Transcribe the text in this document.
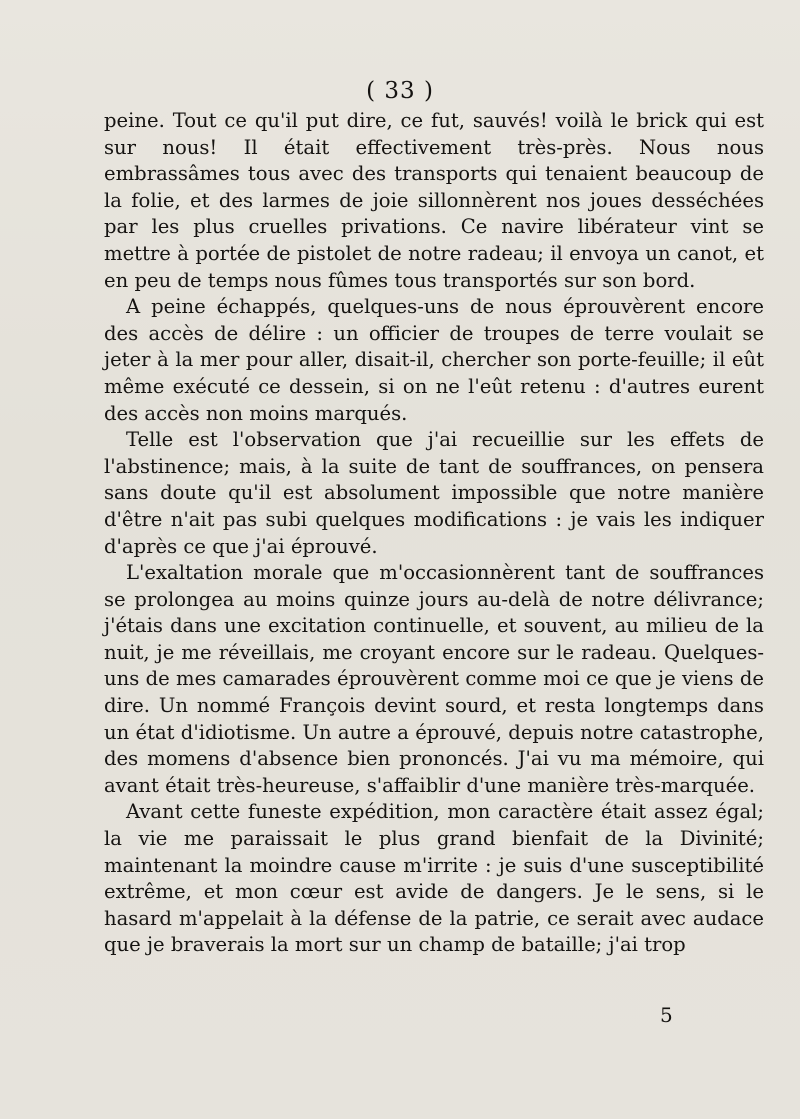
( 33 )

peine. Tout ce qu'il put dire, ce fut, sauvés! voilà le brick qui est sur nous! Il était effectivement très-près. Nous nous embrassâmes tous avec des transports qui tenaient beaucoup de la folie, et des larmes de joie sillonnèrent nos joues desséchées par les plus cruelles privations. Ce navire libérateur vint se mettre à portée de pistolet de notre radeau; il envoya un canot, et en peu de temps nous fûmes tous transportés sur son bord.

A peine échappés, quelques-uns de nous éprouvèrent encore des accès de délire : un officier de troupes de terre voulait se jeter à la mer pour aller, disait-il, chercher son porte-feuille; il eût même exécuté ce dessein, si on ne l'eût retenu : d'autres eurent des accès non moins marqués.

Telle est l'observation que j'ai recueillie sur les effets de l'abstinence; mais, à la suite de tant de souffrances, on pensera sans doute qu'il est absolument impossible que notre manière d'être n'ait pas subi quelques modifications : je vais les indiquer d'après ce que j'ai éprouvé.

L'exaltation morale que m'occasionnèrent tant de souffrances se prolongea au moins quinze jours au-delà de notre délivrance; j'étais dans une excitation continuelle, et souvent, au milieu de la nuit, je me réveillais, me croyant encore sur le radeau. Quelques-uns de mes camarades éprouvèrent comme moi ce que je viens de dire. Un nommé François devint sourd, et resta longtemps dans un état d'idiotisme. Un autre a éprouvé, depuis notre catastrophe, des momens d'absence bien prononcés. J'ai vu ma mémoire, qui avant était très-heureuse, s'affaiblir d'une manière très-marquée.

Avant cette funeste expédition, mon caractère était assez égal; la vie me paraissait le plus grand bienfait de la Divinité; maintenant la moindre cause m'irrite : je suis d'une susceptibilité extrême, et mon cœur est avide de dangers. Je le sens, si le hasard m'appelait à la défense de la patrie, ce serait avec audace que je braverais la mort sur un champ de bataille; j'ai trop

5
